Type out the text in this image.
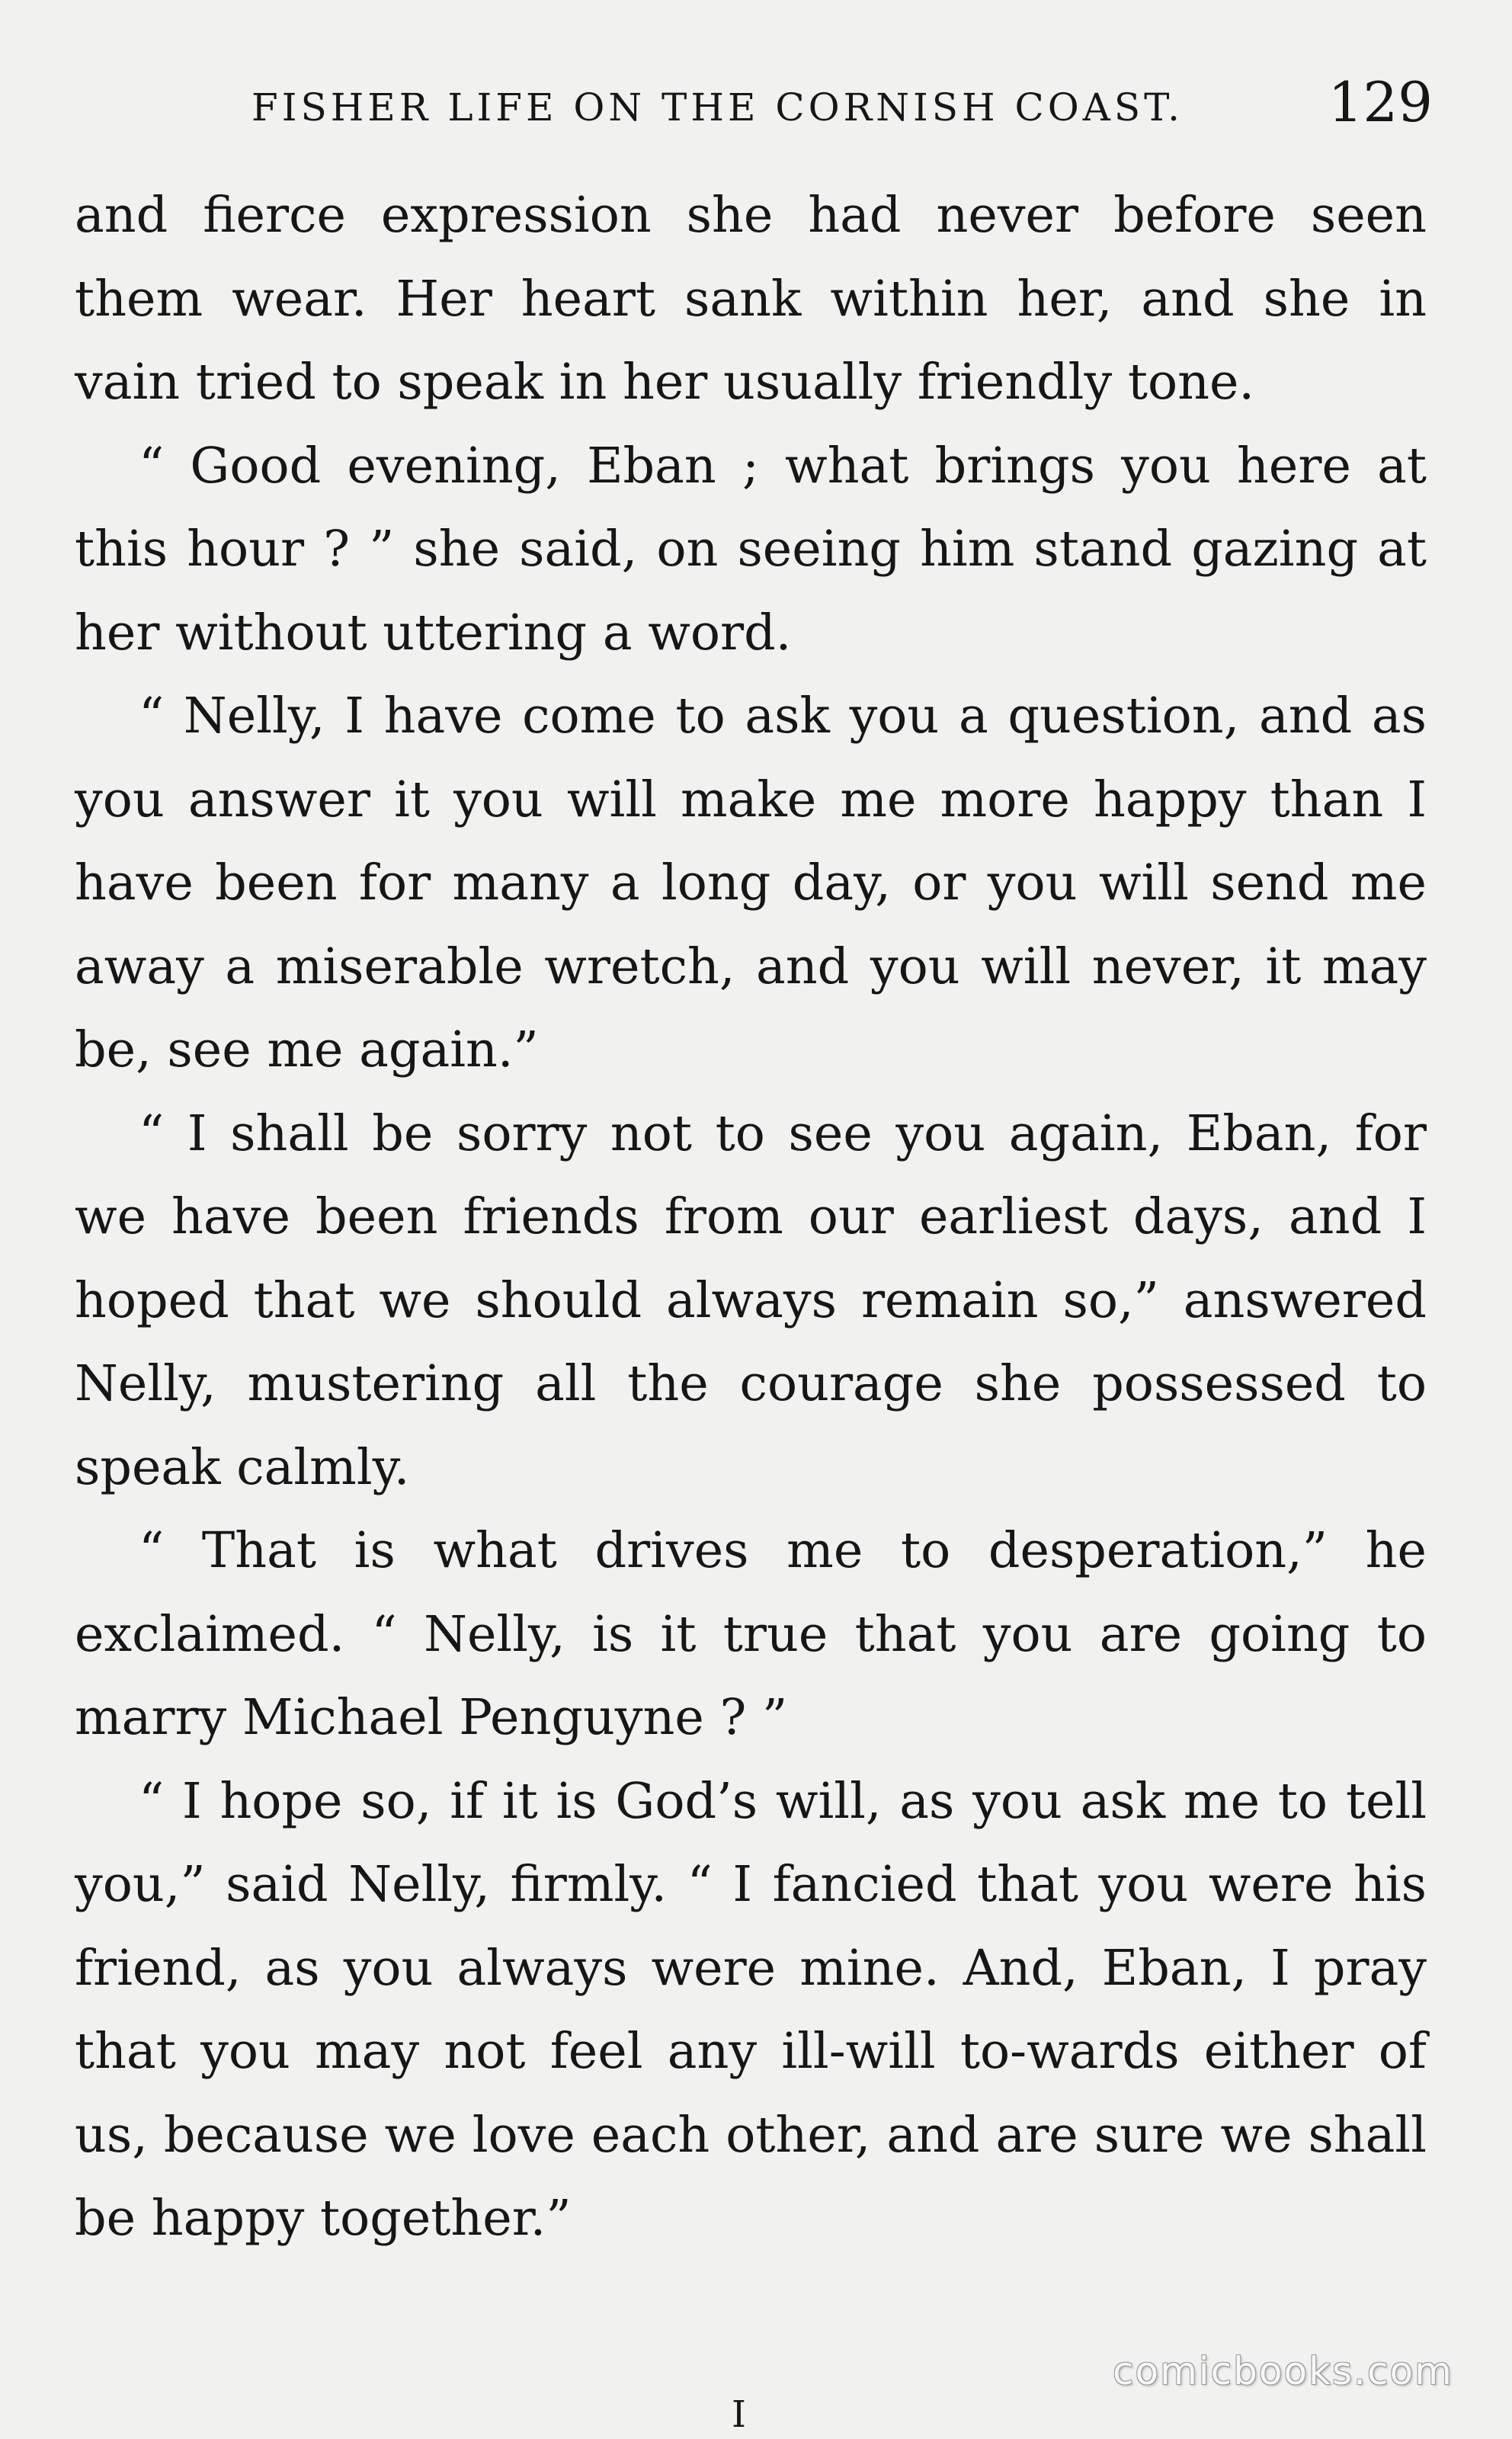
FISHER LIFE ON THE CORNISH COAST.	129

and fierce expression she had never before seen them wear. Her heart sank within her, and she in vain tried to speak in her usually friendly tone.

“ Good evening, Eban ; what brings you here at this hour ? ” she said, on seeing him stand gazing at her without uttering a word.

“ Nelly, I have come to ask you a question, and as you answer it you will make me more happy than I have been for many a long day, or you will send me away a miserable wretch, and you will never, it may be, see me again.”

“ I shall be sorry not to see you again, Eban, for we have been friends from our earliest days, and I hoped that we should always remain so,” answered Nelly, mustering all the courage she possessed to speak calmly.

“ That is what drives me to desperation,” he exclaimed. “ Nelly, is it true that you are going to marry Michael Penguyne ? ”

“ I hope so, if it is God’s will, as you ask me to tell you,” said Nelly, firmly. “ I fancied that you were his friend, as you always were mine. And, Eban, I pray that you may not feel any ill-will to-wards either of us, because we love each other, and are sure we shall be happy together.”

I
comicbooks.com
